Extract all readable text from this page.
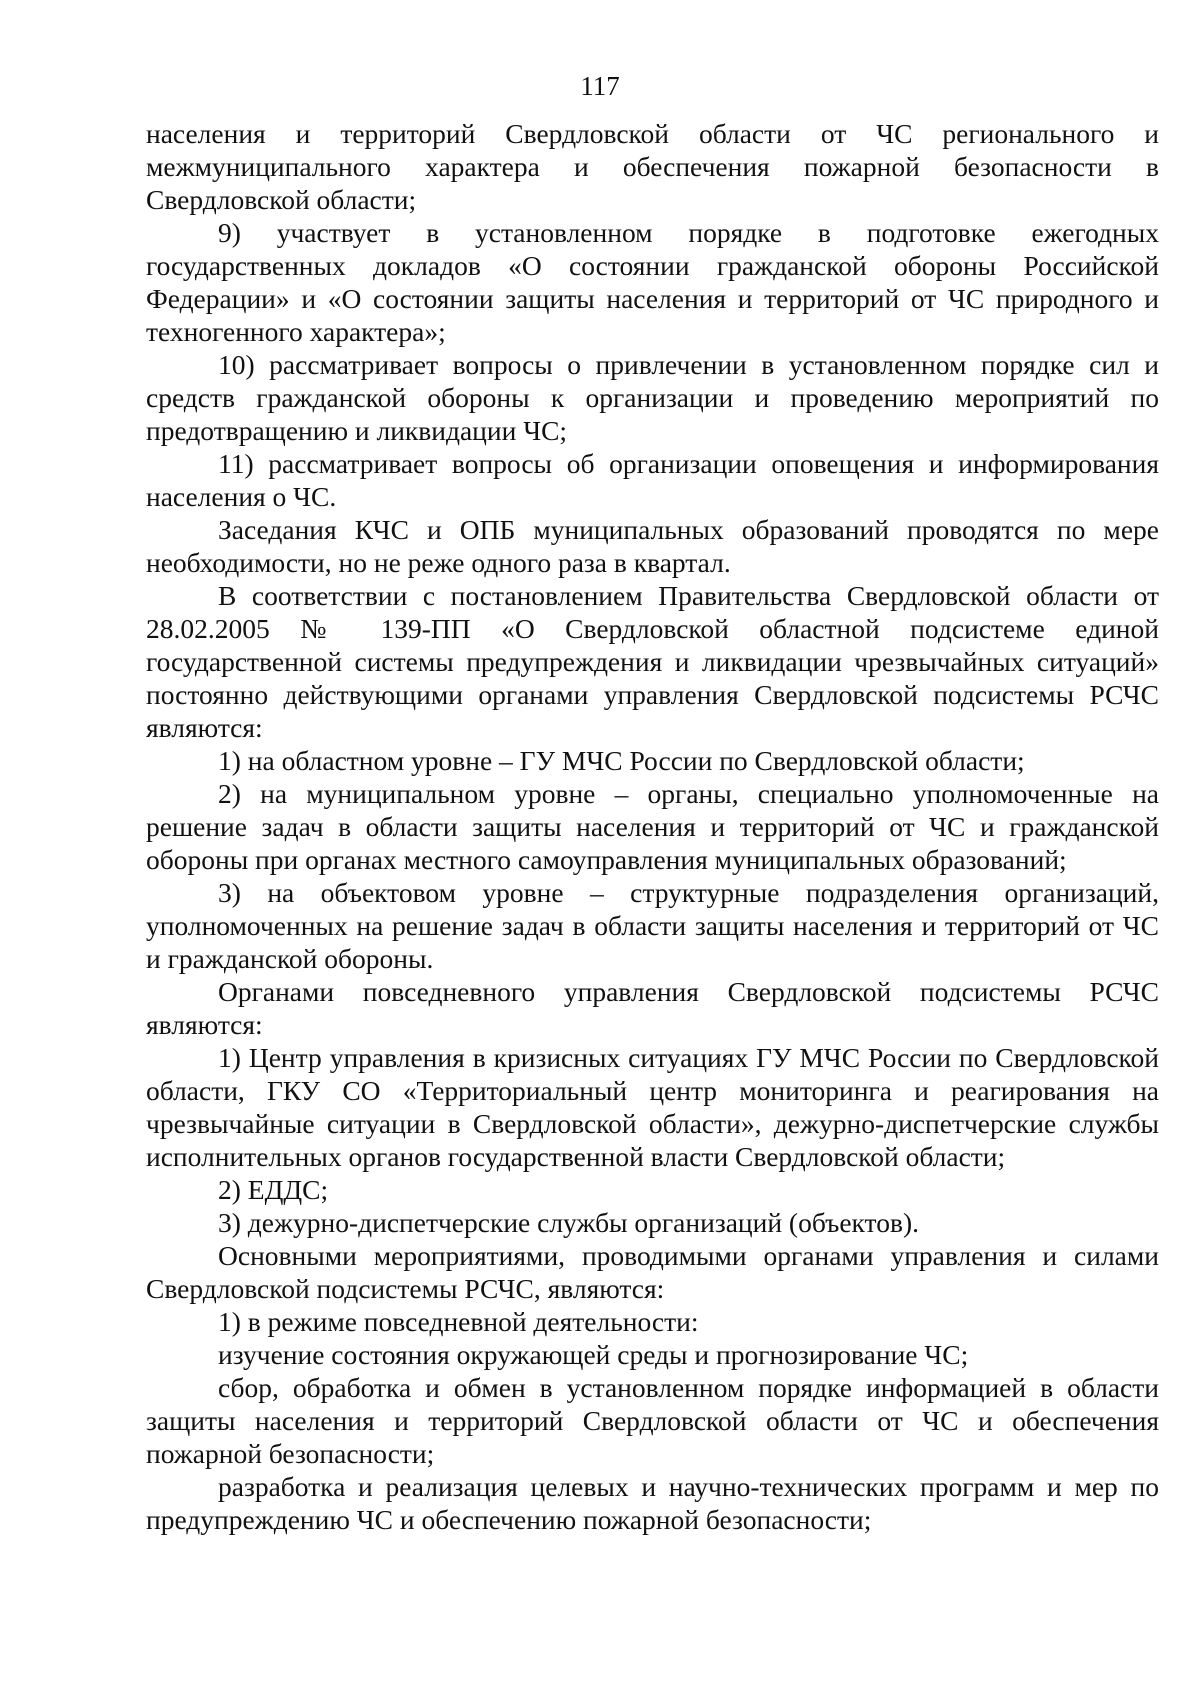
117

населения и территорий Свердловской области от ЧС регионального и межмуниципального характера и обеспечения пожарной безопасности в Свердловской области;

9) участвует в установленном порядке в подготовке ежегодных государственных докладов «О состоянии гражданской обороны Российской Федерации» и «О состоянии защиты населения и территорий от ЧС природного и техногенного характера»;

10) рассматривает вопросы о привлечении в установленном порядке сил и средств гражданской обороны к организации и проведению мероприятий по предотвращению и ликвидации ЧС;

11) рассматривает вопросы об организации оповещения и информирования населения о ЧС.

Заседания КЧС и ОПБ муниципальных образований проводятся по мере необходимости, но не реже одного раза в квартал.

В соответствии с постановлением Правительства Свердловской области от 28.02.2005 № 139-ПП «О Свердловской областной подсистеме единой государственной системы предупреждения и ликвидации чрезвычайных ситуаций» постоянно действующими органами управления Свердловской подсистемы РСЧС являются:

1) на областном уровне – ГУ МЧС России по Свердловской области;

2) на муниципальном уровне – органы, специально уполномоченные на решение задач в области защиты населения и территорий от ЧС и гражданской обороны при органах местного самоуправления муниципальных образований;

3) на объектовом уровне – структурные подразделения организаций, уполномоченных на решение задач в области защиты населения и территорий от ЧС и гражданской обороны.

Органами повседневного управления Свердловской подсистемы РСЧС являются:

1) Центр управления в кризисных ситуациях ГУ МЧС России по Свердловской области, ГКУ СО «Территориальный центр мониторинга и реагирования на чрезвычайные ситуации в Свердловской области», дежурно-диспетчерские службы исполнительных органов государственной власти Свердловской области;

2) ЕДДС;

3) дежурно-диспетчерские службы организаций (объектов).

Основными мероприятиями, проводимыми органами управления и силами Свердловской подсистемы РСЧС, являются:

1) в режиме повседневной деятельности:

изучение состояния окружающей среды и прогнозирование ЧС;

сбор, обработка и обмен в установленном порядке информацией в области защиты населения и территорий Свердловской области от ЧС и обеспечения пожарной безопасности;

разработка и реализация целевых и научно-технических программ и мер по предупреждению ЧС и обеспечению пожарной безопасности;
